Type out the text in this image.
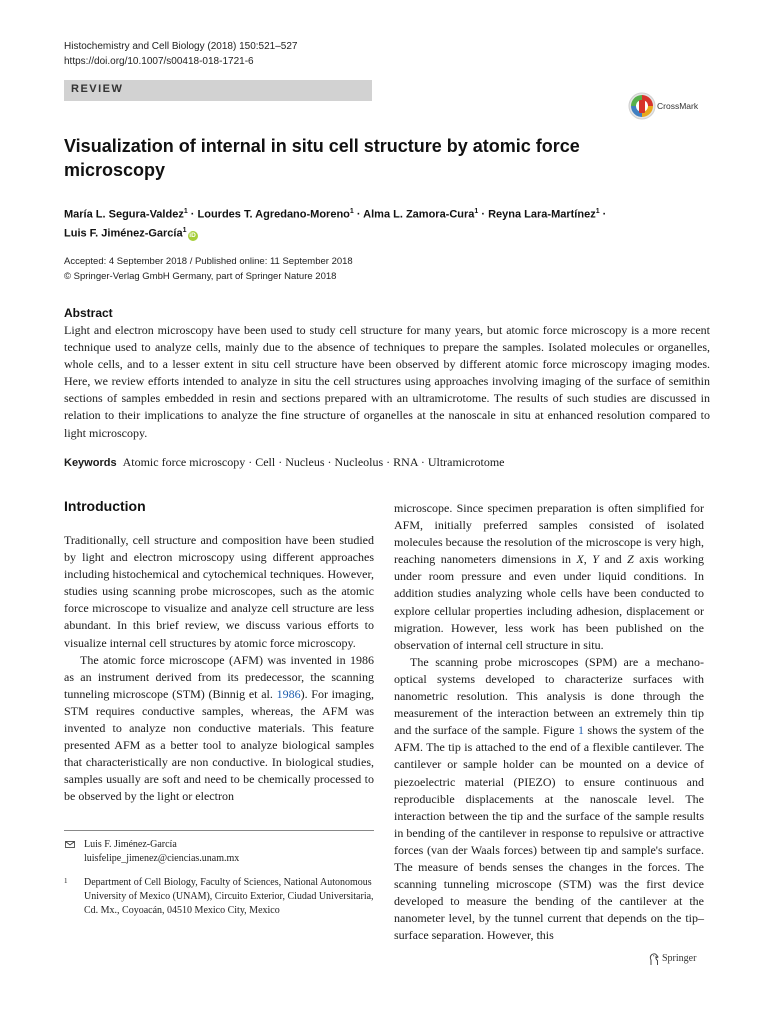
Histochemistry and Cell Biology (2018) 150:521–527
https://doi.org/10.1007/s00418-018-1721-6
REVIEW
CrossMark
Visualization of internal in situ cell structure by atomic force microscopy
María L. Segura-Valdez$^1$ · Lourdes T. Agredano-Moreno$^1$ · Alma L. Zamora-Cura$^1$ · Reyna Lara-Martínez$^1$ ·
Luis F. Jiménez-García$^1$iD
Accepted: 4 September 2018 / Published online: 11 September 2018
© Springer-Verlag GmbH Germany, part of Springer Nature 2018
Abstract
Light and electron microscopy have been used to study cell structure for many years, but atomic force microscopy is a more recent technique used to analyze cells, mainly due to the absence of techniques to prepare the samples. Isolated molecules or organelles, whole cells, and to a lesser extent in situ cell structure have been observed by different atomic force microscopy imaging modes. Here, we review efforts intended to analyze in situ the cell structures using approaches involving imaging of the surface of semithin sections of samples embedded in resin and sections prepared with an ultramicrotome. The results of such studies are discussed in relation to their implications to analyze the fine structure of organelles at the nanoscale in situ at enhanced resolution compared to light microscopy.
Keywords Atomic force microscopy · Cell · Nucleus · Nucleolus · RNA · Ultramicrotome
Introduction

Traditionally, cell structure and composition have been studied by light and electron microscopy using different approaches including histochemical and cytochemical techniques. However, studies using scanning probe microscopes, such as the atomic force microscope to visualize and analyze cell structure are less abundant. In this brief review, we discuss various efforts to visualize internal cell structures by atomic force microscopy.

The atomic force microscope (AFM) was invented in 1986 as an instrument derived from its predecessor, the scanning tunneling microscope (STM) (Binnig et al. 1986). For imaging, STM requires conductive samples, whereas, the AFM was invented to analyze non conductive materials. This feature presented AFM as a better tool to analyze biological samples that characteristically are non conductive. In biological studies, samples usually are soft and need to be chemically processed to be observed by the light or electron

microscope. Since specimen preparation is often simplified for AFM, initially preferred samples consisted of isolated molecules because the resolution of the microscope is very high, reaching nanometers dimensions in X, Y and Z axis working under room pressure and even under liquid conditions. In addition studies analyzing whole cells have been conducted to explore cellular properties including adhesion, displacement or migration. However, less work has been published on the observation of internal cell structure in situ.

The scanning probe microscopes (SPM) are a mechano-optical systems developed to characterize surfaces with nanometric resolution. This analysis is done through the measurement of the interaction between an extremely thin tip and the surface of the sample. Figure 1 shows the system of the AFM. The tip is attached to the end of a flexible cantilever. The cantilever or sample holder can be mounted on a device of piezoelectric material (PIEZO) to ensure continuous and reproducible displacements at the nanoscale level. The interaction between the tip and the surface of the sample results in bending of the cantilever in response to repulsive or attractive forces (van der Waals forces) between tip and sample's surface. The measure of bends senses the changes in the forces. The scanning tunneling microscope (STM) was the first device developed to measure the bending of the cantilever at the nanometer level, by the tunnel current that depends on the tip–surface separation. However, this

Luis F. Jiménez-García
luisfelipe_jimenez@ciencias.unam.mx
1	Department of Cell Biology, Faculty of Sciences, National Autonomous University of Mexico (UNAM), Circuito Exterior, Ciudad Universitaria, Cd. Mx., Coyoacán, 04510 Mexico City, Mexico
Springer
